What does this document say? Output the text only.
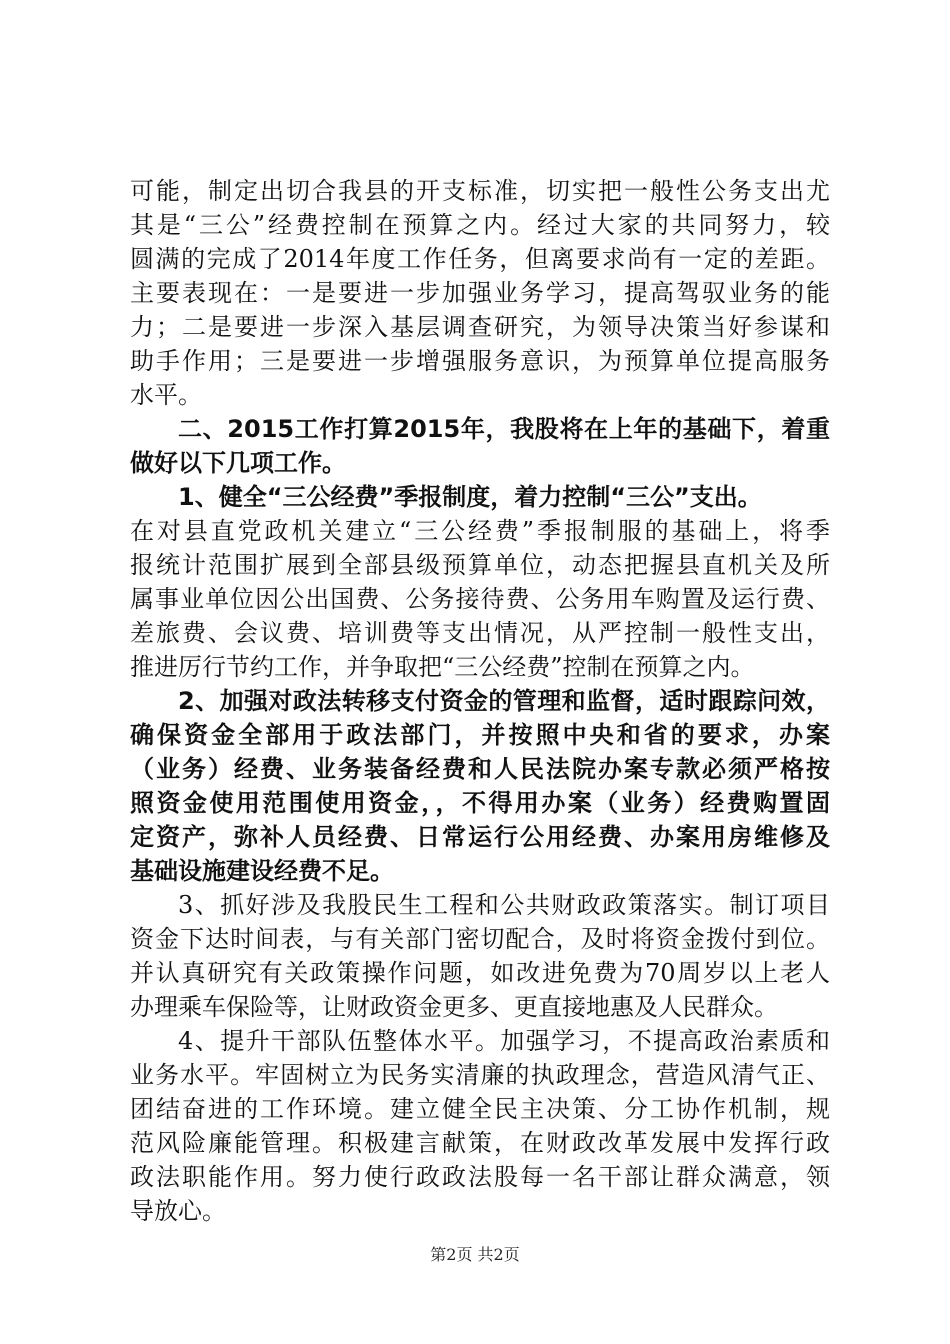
可能，制定出切合我县的开支标准，切实把一般性公务支出尤
其是“三公”经费控制在预算之内。经过大家的共同努力，较
圆满的完成了2014年度工作任务，但离要求尚有一定的差距。
主要表现在：一是要进一步加强业务学习，提高驾驭业务的能
力；二是要进一步深入基层调查研究，为领导决策当好参谋和
助手作用；三是要进一步增强服务意识，为预算单位提高服务
水平。
二、2015工作打算2015年，我股将在上年的基础下，着重
做好以下几项工作。
1、健全“三公经费”季报制度，着力控制“三公”支出。
在对县直党政机关建立“三公经费”季报制服的基础上，将季
报统计范围扩展到全部县级预算单位，动态把握县直机关及所
属事业单位因公出国费、公务接待费、公务用车购置及运行费、
差旅费、会议费、培训费等支出情况，从严控制一般性支出，
推进厉行节约工作，并争取把“三公经费”控制在预算之内。
2、加强对政法转移支付资金的管理和监督，适时跟踪问效，
确保资金全部用于政法部门，并按照中央和省的要求，办案
（业务）经费、业务装备经费和人民法院办案专款必须严格按
照资金使用范围使用资金，，不得用办案（业务）经费购置固
定资产，弥补人员经费、日常运行公用经费、办案用房维修及
基础设施建设经费不足。
3、抓好涉及我股民生工程和公共财政政策落实。制订项目
资金下达时间表，与有关部门密切配合，及时将资金拨付到位。
并认真研究有关政策操作问题，如改进免费为70周岁以上老人
办理乘车保险等，让财政资金更多、更直接地惠及人民群众。
4、提升干部队伍整体水平。加强学习，不提高政治素质和
业务水平。牢固树立为民务实清廉的执政理念，营造风清气正、
团结奋进的工作环境。建立健全民主决策、分工协作机制，规
范风险廉能管理。积极建言献策，在财政改革发展中发挥行政
政法职能作用。努力使行政政法股每一名干部让群众满意，领
导放心。
第2页 共2页
